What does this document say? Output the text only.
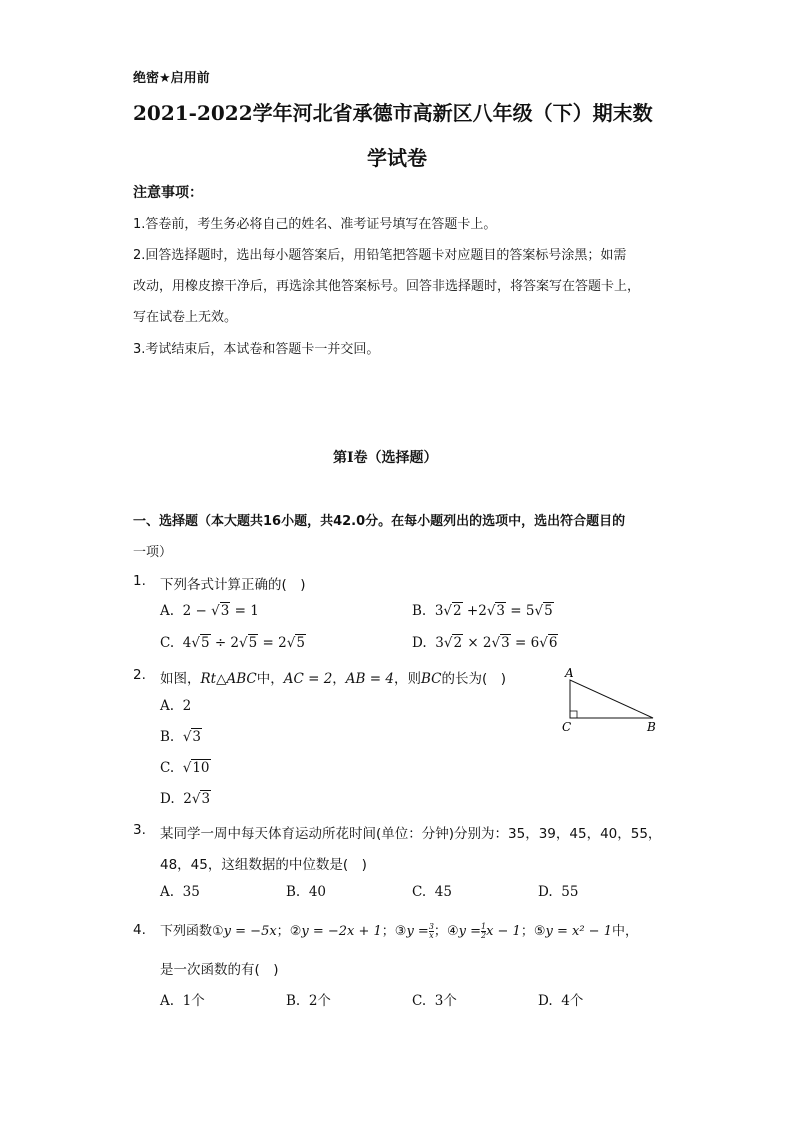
绝密★启用前
2021-2022学年河北省承德市高新区八年级（下）期末数
学试卷
注意事项：
1.答卷前，考生务必将自己的姓名、准考证号填写在答题卡上。
2.回答选择题时，选出每小题答案后，用铅笔把答题卡对应题目的答案标号涂黑；如需
改动，用橡皮擦干净后，再选涂其他答案标号。回答非选择题时，将答案写在答题卡上，
写在试卷上无效。
3.考试结束后，本试卷和答题卡一并交回。
第Ⅰ卷（选择题）
一、选择题（本大题共16小题，共42.0分。在每小题列出的选项中，选出符合题目的
一项）
1. 下列各式计算正确的(　)
A. 2 − √3 = 1	B. 3√2 +2√3 = 5√5
C. 4√5 ÷ 2√5 = 2√5	D. 3√2 × 2√3 = 6√6
2. 如图，Rt△ABC中，AC = 2，AB = 4，则BC的长为(　)
A. 2
B. √3
C. √10
D. 2√3
A
B
C
3. 某同学一周中每天体育运动所花时间(单位：分钟)分别为：35，39，45，40，55，
48，45，这组数据的中位数是(　)
A. 35	B. 40	C. 45	D. 55
4. 下列函数①y = −5x；②y = −2x + 1；③y = $\frac{3}{x}$ ；④y = $\frac{1}{2}$ x − 1；⑤y = x² − 1中，
是一次函数的有(　)
A. 1个	B. 2个	C. 3个	D. 4个
